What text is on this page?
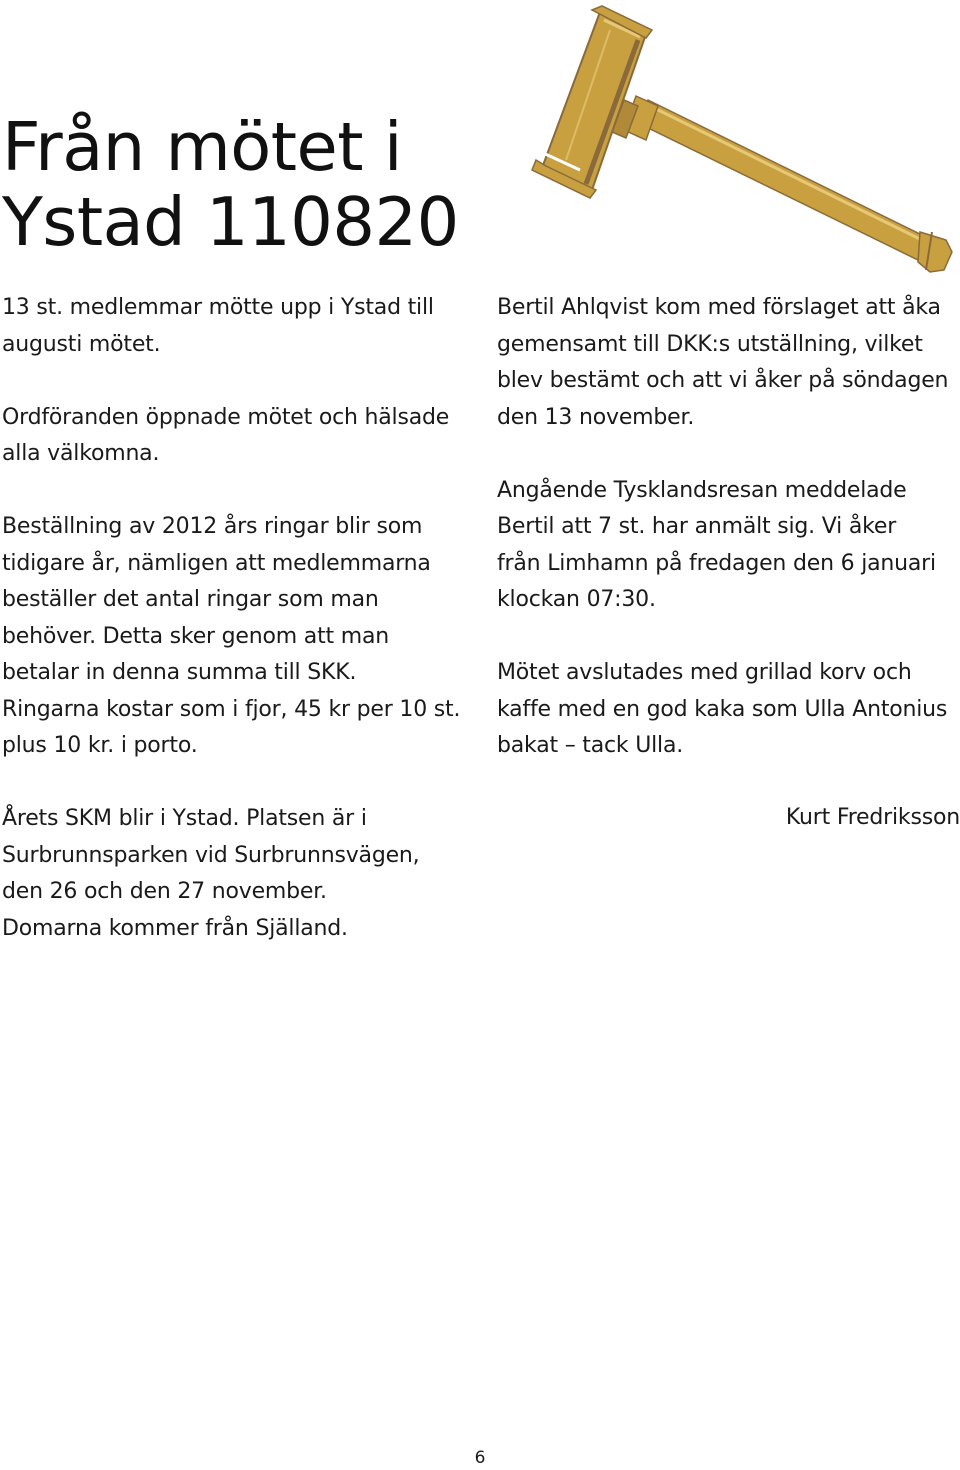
Från mötet i
Ystad 110820

13 st. medlemmar mötte upp i Ystad till
augusti mötet.

Ordföranden öppnade mötet och hälsade
alla välkomna.

Beställning av 2012 års ringar blir som
tidigare år, nämligen att medlemmarna
beställer det antal ringar som man
behöver. Detta sker genom att man
betalar in denna summa till SKK.
Ringarna kostar som i fjor, 45 kr per 10 st.
plus 10 kr. i porto.

Årets SKM blir i Ystad. Platsen är i
Surbrunnsparken vid Surbrunnsvägen,
den 26 och den 27 november.
Domarna kommer från Själland.

Bertil Ahlqvist kom med förslaget att åka
gemensamt till DKK:s utställning, vilket
blev bestämt och att vi åker på söndagen
den 13 november.

Angående Tysklandsresan meddelade
Bertil att 7 st. har anmält sig. Vi åker
från Limhamn på fredagen den 6 januari
klockan 07:30.

Mötet avslutades med grillad korv och
kaffe med en god kaka som Ulla Antonius
bakat – tack Ulla.

Kurt Fredriksson
6
